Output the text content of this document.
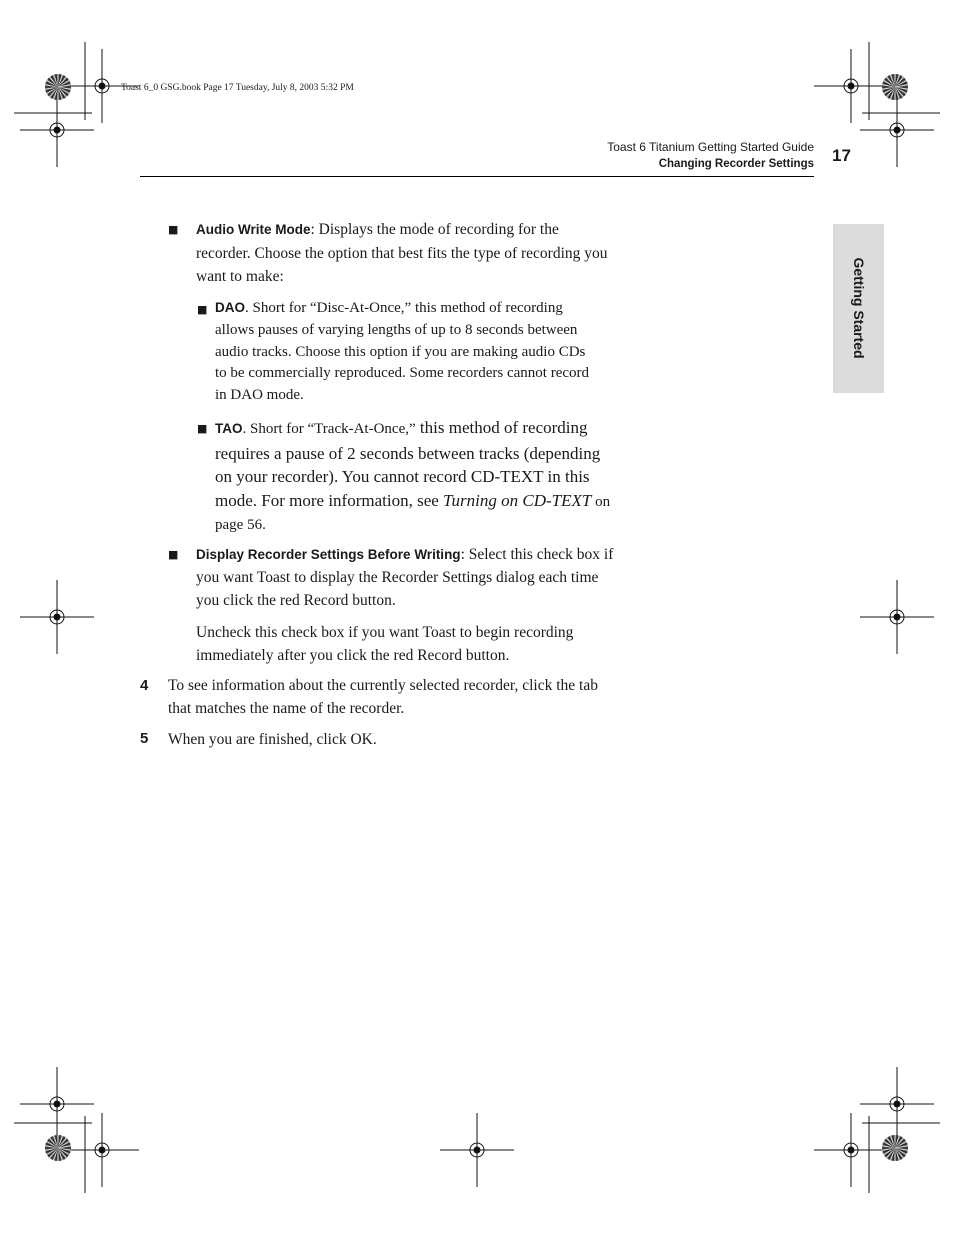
Toast 6_0 GSG.book Page 17 Tuesday, July 8, 2003 5:32 PM
Toast 6 Titanium Getting Started Guide
Changing Recorder Settings 17
Getting Started
■ Audio Write Mode: Displays the mode of recording for the
recorder. Choose the option that best fits the type of recording you
want to make:
■ DAO. Short for “Disc-At-Once,” this method of recording
allows pauses of varying lengths of up to 8 seconds between
audio tracks. Choose this option if you are making audio CDs
to be commercially reproduced. Some recorders cannot record
in DAO mode.
■ TAO. Short for “Track-At-Once,” this method of recording
requires a pause of 2 seconds between tracks (depending
on your recorder). You cannot record CD-TEXT in this
mode. For more information, see Turning on CD-TEXT on
page 56.
■ Display Recorder Settings Before Writing: Select this check box if
you want Toast to display the Recorder Settings dialog each time
you click the red Record button.
Uncheck this check box if you want Toast to begin recording
immediately after you click the red Record button.
4 To see information about the currently selected recorder, click the tab
that matches the name of the recorder.
5 When you are finished, click OK.
